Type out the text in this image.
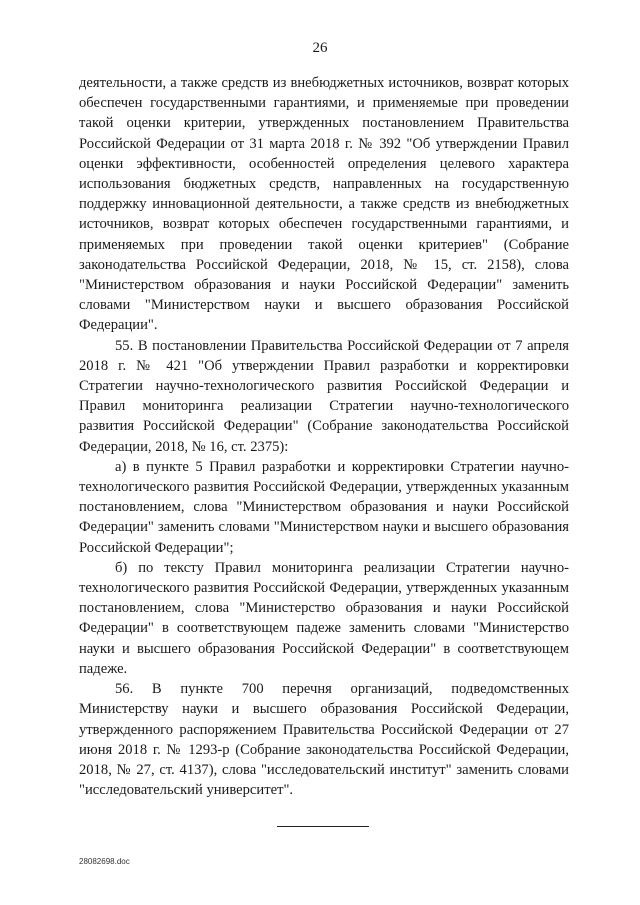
26

деятельности, а также средств из внебюджетных источников, возврат которых обеспечен государственными гарантиями, и применяемые при проведении такой оценки критерии, утвержденных постановлением Правительства Российской Федерации от 31 марта 2018 г. № 392 "Об утверждении Правил оценки эффективности, особенностей определения целевого характера использования бюджетных средств, направленных на государственную поддержку инновационной деятельности, а также средств из внебюджетных источников, возврат которых обеспечен государственными гарантиями, и применяемых при проведении такой оценки критериев" (Собрание законодательства Российской Федерации, 2018, № 15, ст. 2158), слова "Министерством образования и науки Российской Федерации" заменить словами "Министерством науки и высшего образования Российской Федерации".

55. В постановлении Правительства Российской Федерации от 7 апреля 2018 г. № 421 "Об утверждении Правил разработки и корректировки Стратегии научно-технологического развития Российской Федерации и Правил мониторинга реализации Стратегии научно-технологического развития Российской Федерации" (Собрание законодательства Российской Федерации, 2018, № 16, ст. 2375):

а) в пункте 5 Правил разработки и корректировки Стратегии научно-технологического развития Российской Федерации, утвержденных указанным постановлением, слова "Министерством образования и науки Российской Федерации" заменить словами "Министерством науки и высшего образования Российской Федерации";

б) по тексту Правил мониторинга реализации Стратегии научно-технологического развития Российской Федерации, утвержденных указанным постановлением, слова "Министерство образования и науки Российской Федерации" в соответствующем падеже заменить словами "Министерство науки и высшего образования Российской Федерации" в соответствующем падеже.

56. В пункте 700 перечня организаций, подведомственных Министерству науки и высшего образования Российской Федерации, утвержденного распоряжением Правительства Российской Федерации от 27 июня 2018 г. № 1293-р (Собрание законодательства Российской Федерации, 2018, № 27, ст. 4137), слова "исследовательский институт" заменить словами "исследовательский университет".

28082698.doc
